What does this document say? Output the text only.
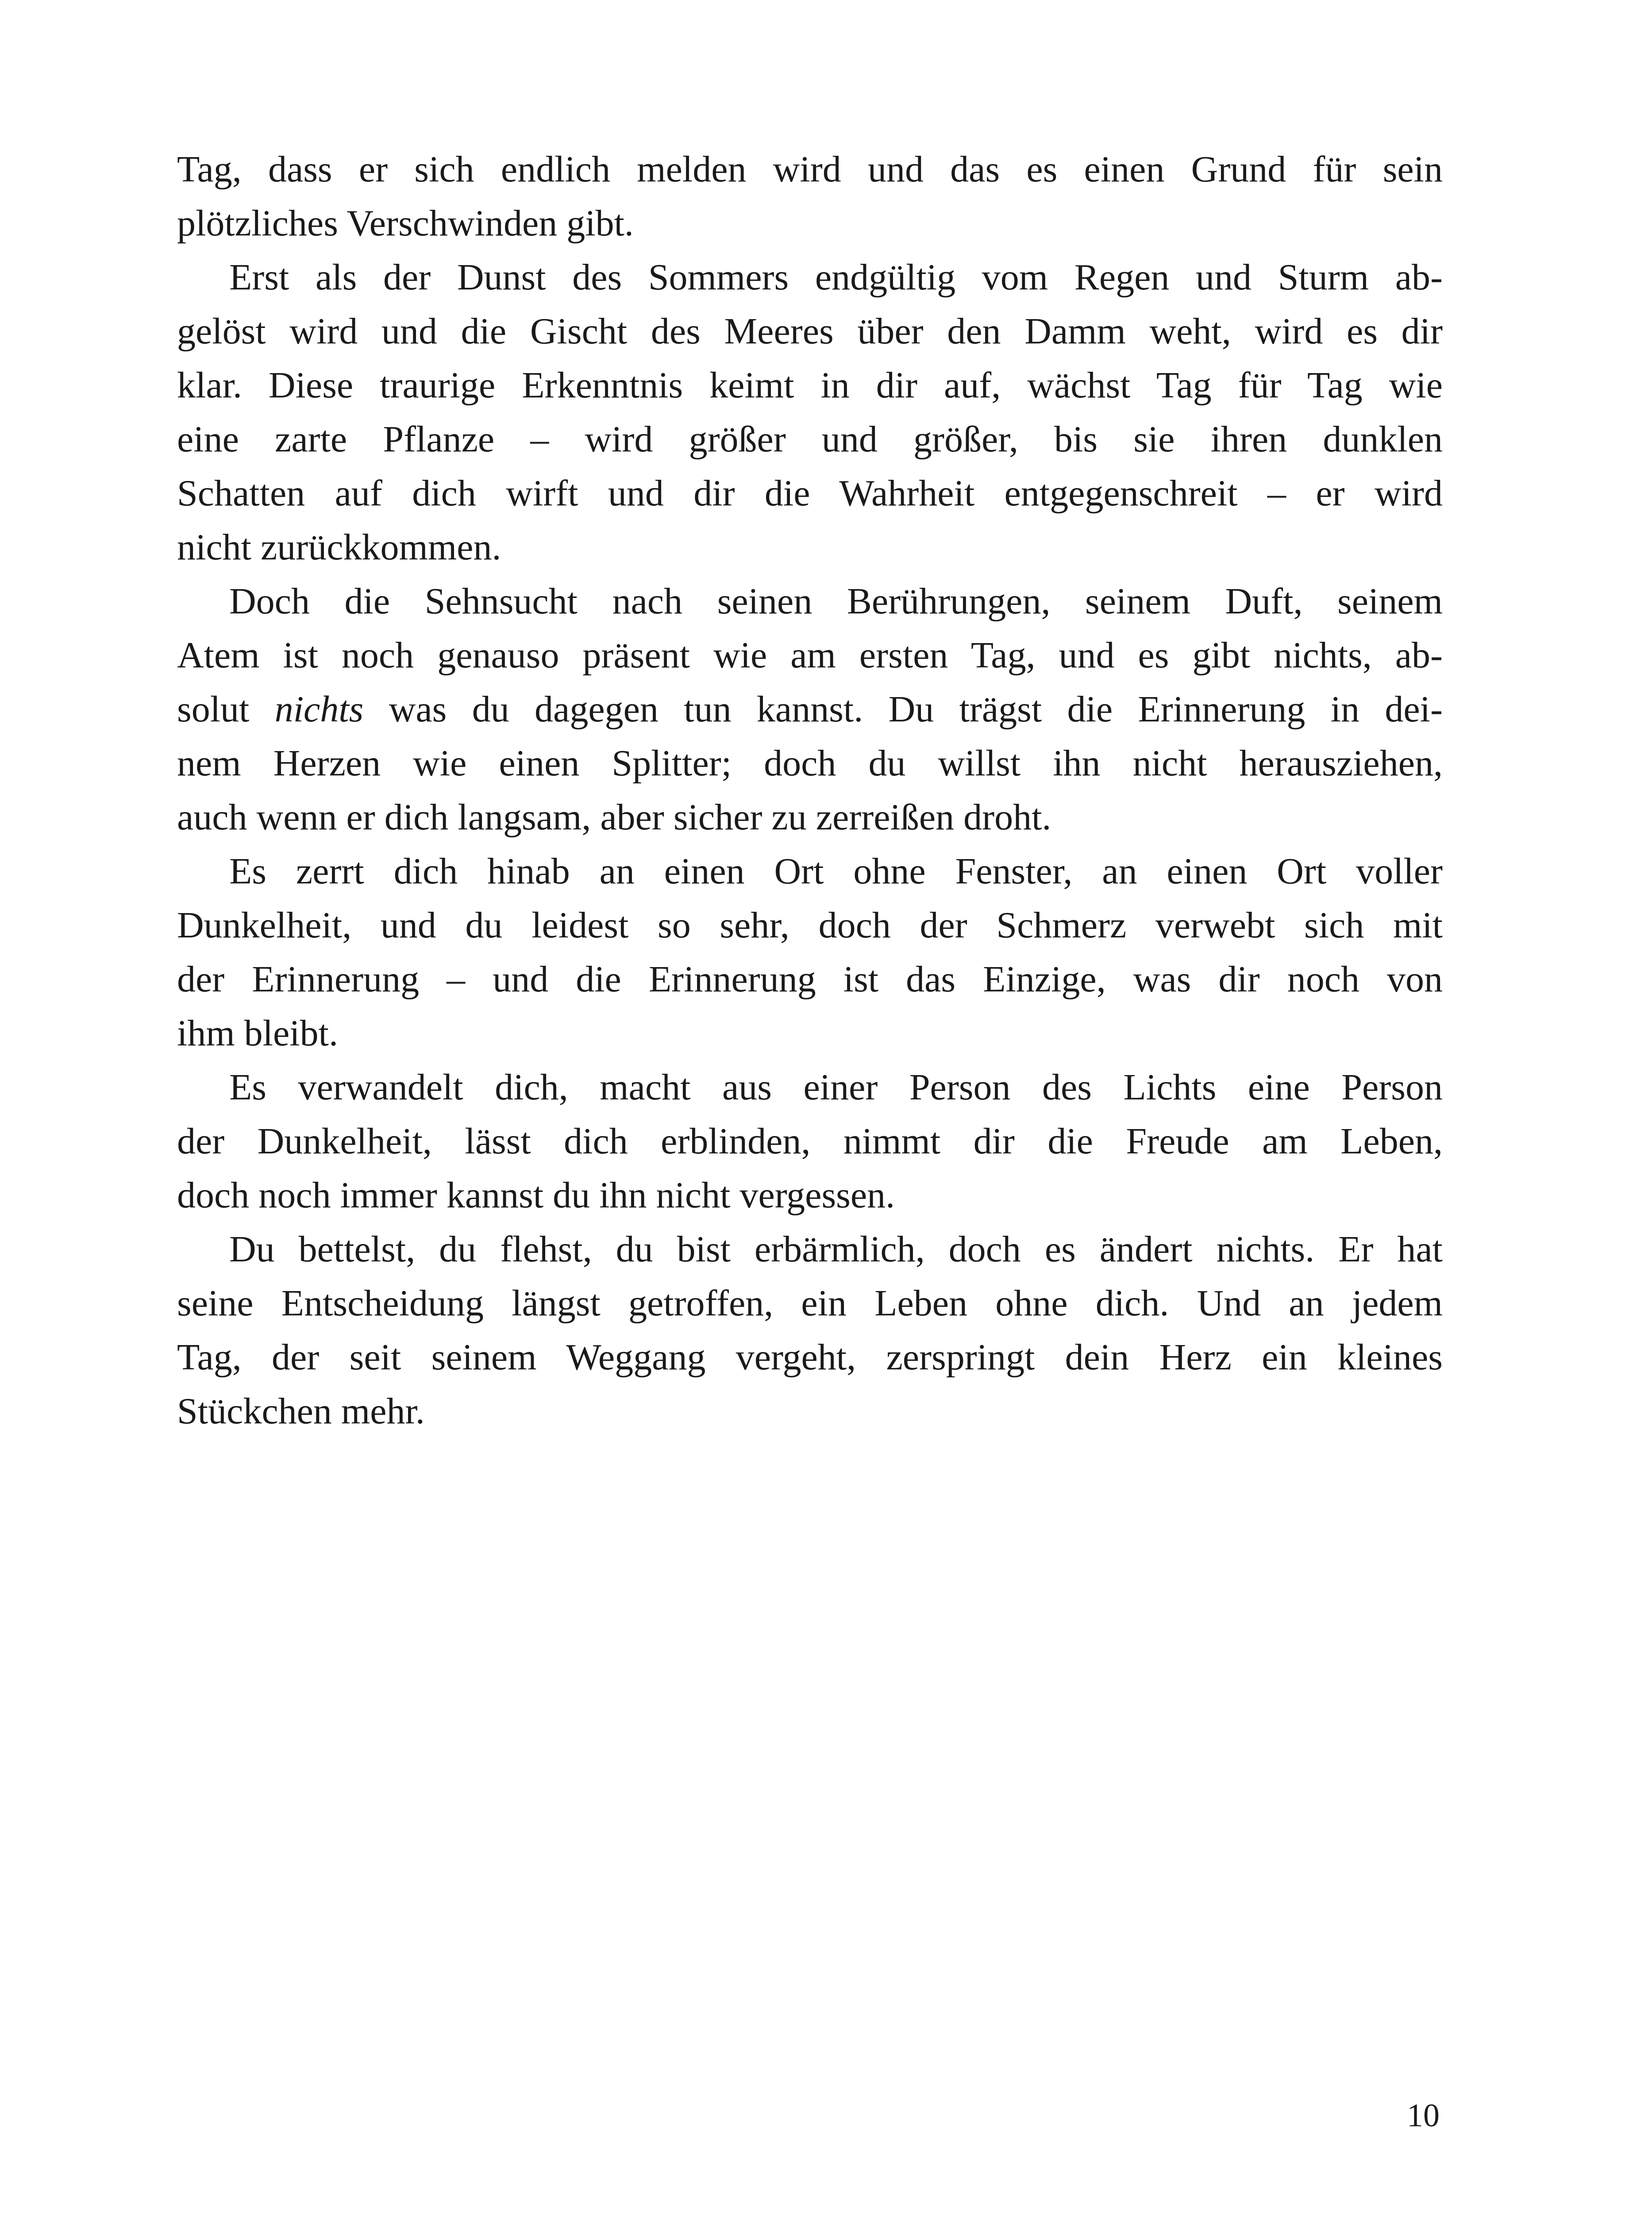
Tag, dass er sich endlich melden wird und das es einen Grund für sein
plötzliches Verschwinden gibt.
Erst als der Dunst des Sommers endgültig vom Regen und Sturm ab-
gelöst wird und die Gischt des Meeres über den Damm weht, wird es dir
klar. Diese traurige Erkenntnis keimt in dir auf, wächst Tag für Tag wie
eine zarte Pflanze – wird größer und größer, bis sie ihren dunklen
Schatten auf dich wirft und dir die Wahrheit entgegenschreit – er wird
nicht zurückkommen.
Doch die Sehnsucht nach seinen Berührungen, seinem Duft, seinem
Atem ist noch genauso präsent wie am ersten Tag, und es gibt nichts, ab-
solut nichts was du dagegen tun kannst. Du trägst die Erinnerung in dei-
nem Herzen wie einen Splitter; doch du willst ihn nicht herausziehen,
auch wenn er dich langsam, aber sicher zu zerreißen droht.
Es zerrt dich hinab an einen Ort ohne Fenster, an einen Ort voller
Dunkelheit, und du leidest so sehr, doch der Schmerz verwebt sich mit
der Erinnerung – und die Erinnerung ist das Einzige, was dir noch von
ihm bleibt.
Es verwandelt dich, macht aus einer Person des Lichts eine Person
der Dunkelheit, lässt dich erblinden, nimmt dir die Freude am Leben,
doch noch immer kannst du ihn nicht vergessen.
Du bettelst, du flehst, du bist erbärmlich, doch es ändert nichts. Er hat
seine Entscheidung längst getroffen, ein Leben ohne dich. Und an jedem
Tag, der seit seinem Weggang vergeht, zerspringt dein Herz ein kleines
Stückchen mehr.
10
